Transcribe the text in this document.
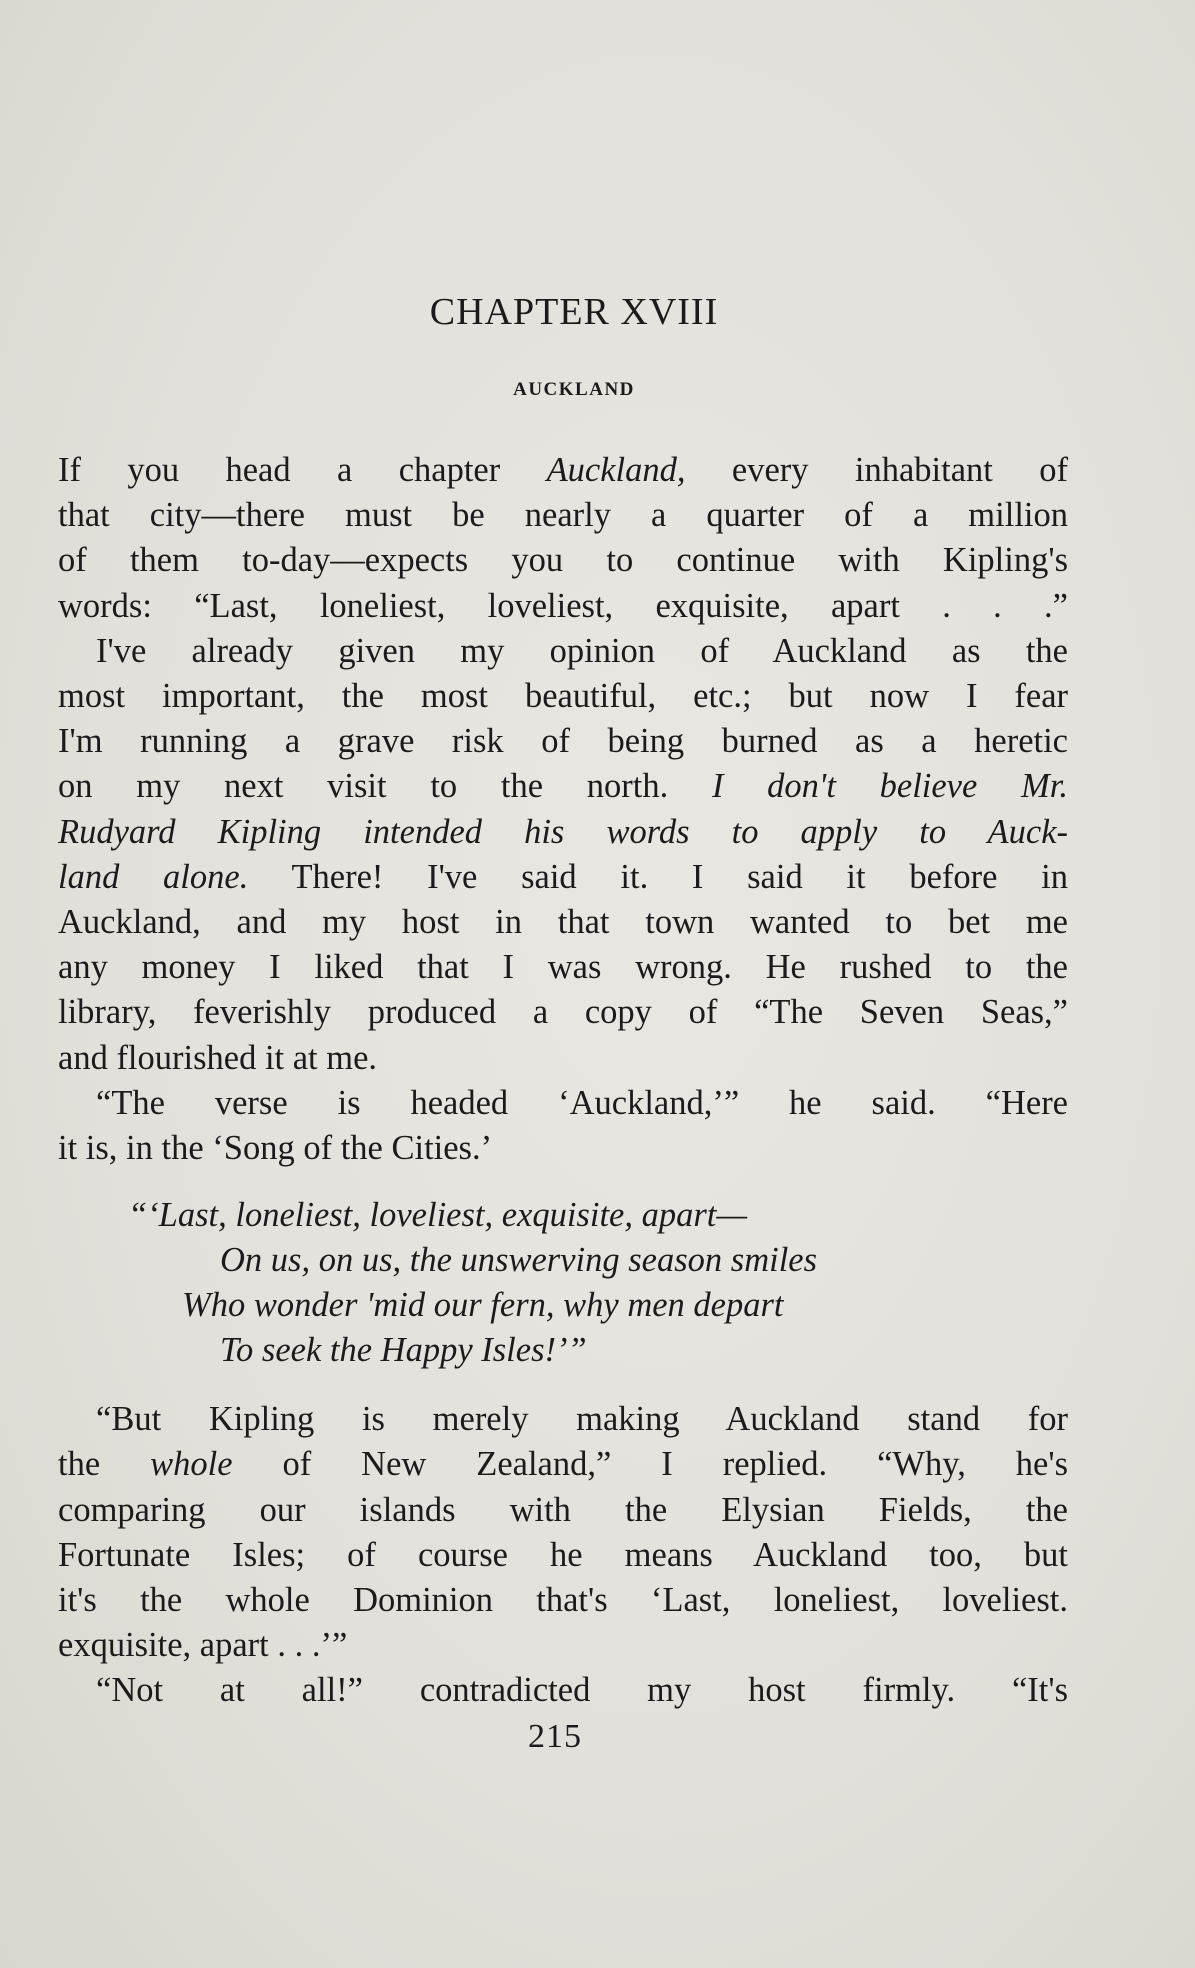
CHAPTER XVIII
AUCKLAND
If you head a chapter Auckland, every inhabitant of
that city—there must be nearly a quarter of a million
of them to-day—expects you to continue with Kipling's
words: “Last, loneliest, loveliest, exquisite, apart . . .”
I've already given my opinion of Auckland as the
most important, the most beautiful, etc.; but now I fear
I'm running a grave risk of being burned as a heretic
on my next visit to the north. I don't believe Mr.
Rudyard Kipling intended his words to apply to Auck-
land alone. There! I've said it. I said it before in
Auckland, and my host in that town wanted to bet me
any money I liked that I was wrong. He rushed to the
library, feverishly produced a copy of “The Seven Seas,”
and flourished it at me.
“The verse is headed ‘Auckland,’” he said. “Here
it is, in the ‘Song of the Cities.’
“‘Last, loneliest, loveliest, exquisite, apart—
On us, on us, the unswerving season smiles
Who wonder 'mid our fern, why men depart
To seek the Happy Isles!’”
“But Kipling is merely making Auckland stand for
the whole of New Zealand,” I replied. “Why, he's
comparing our islands with the Elysian Fields, the
Fortunate Isles; of course he means Auckland too, but
it's the whole Dominion that's ‘Last, loneliest, loveliest.
exquisite, apart . . .’”
“Not at all!” contradicted my host firmly. “It's
215
